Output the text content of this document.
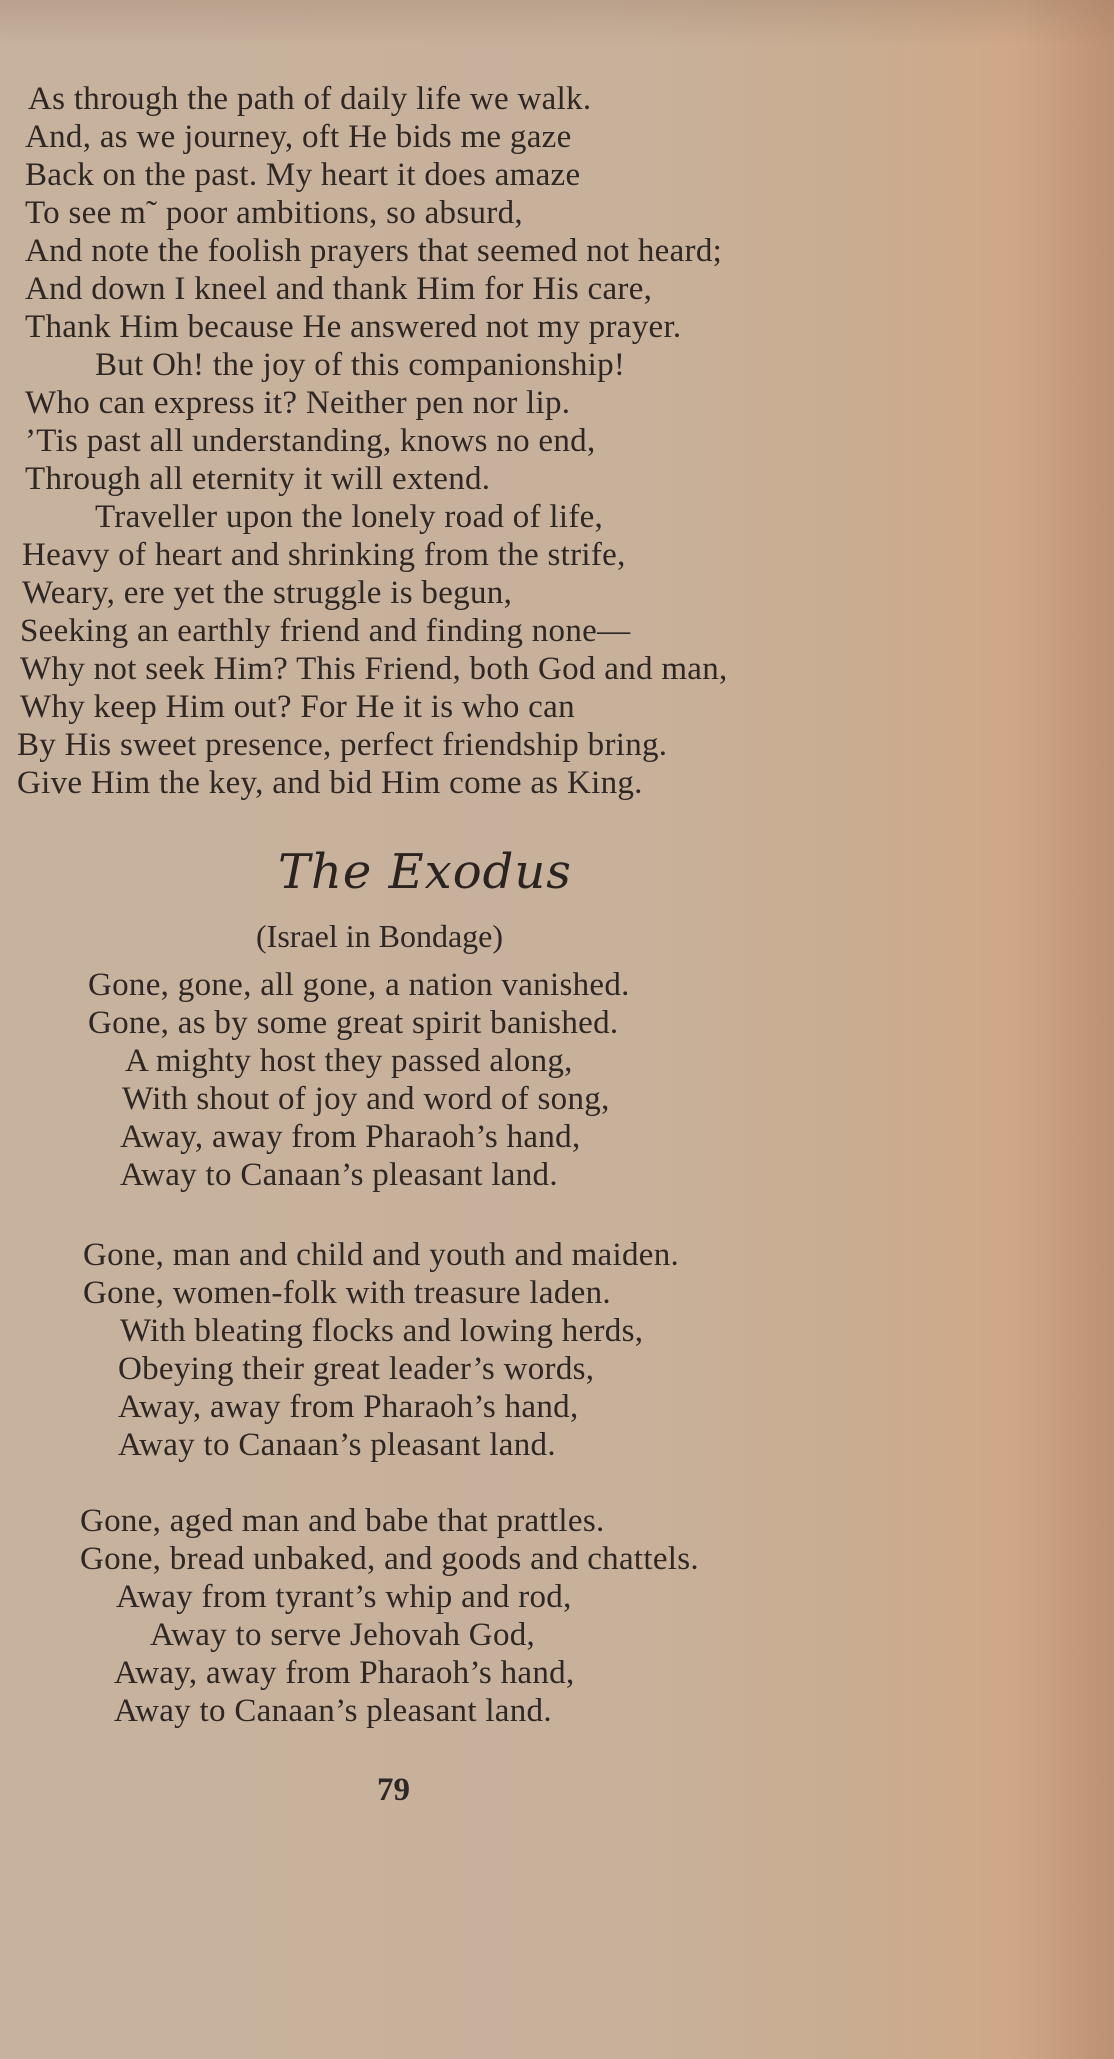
As through the path of daily life we walk.
And, as we journey, oft He bids me gaze
Back on the past. My heart it does amaze
To see m˜ poor ambitions, so absurd,
And note the foolish prayers that seemed not heard;
And down I kneel and thank Him for His care,
Thank Him because He answered not my prayer.
But Oh! the joy of this companionship!
Who can express it? Neither pen nor lip.
’Tis past all understanding, knows no end,
Through all eternity it will extend.
Traveller upon the lonely road of life,
Heavy of heart and shrinking from the strife,
Weary, ere yet the struggle is begun,
Seeking an earthly friend and finding none—
Why not seek Him? This Friend, both God and man,
Why keep Him out? For He it is who can
By His sweet presence, perfect friendship bring.
Give Him the key, and bid Him come as King.
The Exodus
(Israel in Bondage)
Gone, gone, all gone, a nation vanished.
Gone, as by some great spirit banished.
A mighty host they passed along,
With shout of joy and word of song,
Away, away from Pharaoh’s hand,
Away to Canaan’s pleasant land.
Gone, man and child and youth and maiden.
Gone, women-folk with treasure laden.
With bleating flocks and lowing herds,
Obeying their great leader’s words,
Away, away from Pharaoh’s hand,
Away to Canaan’s pleasant land.
Gone, aged man and babe that prattles.
Gone, bread unbaked, and goods and chattels.
Away from tyrant’s whip and rod,
Away to serve Jehovah God,
Away, away from Pharaoh’s hand,
Away to Canaan’s pleasant land.
79
